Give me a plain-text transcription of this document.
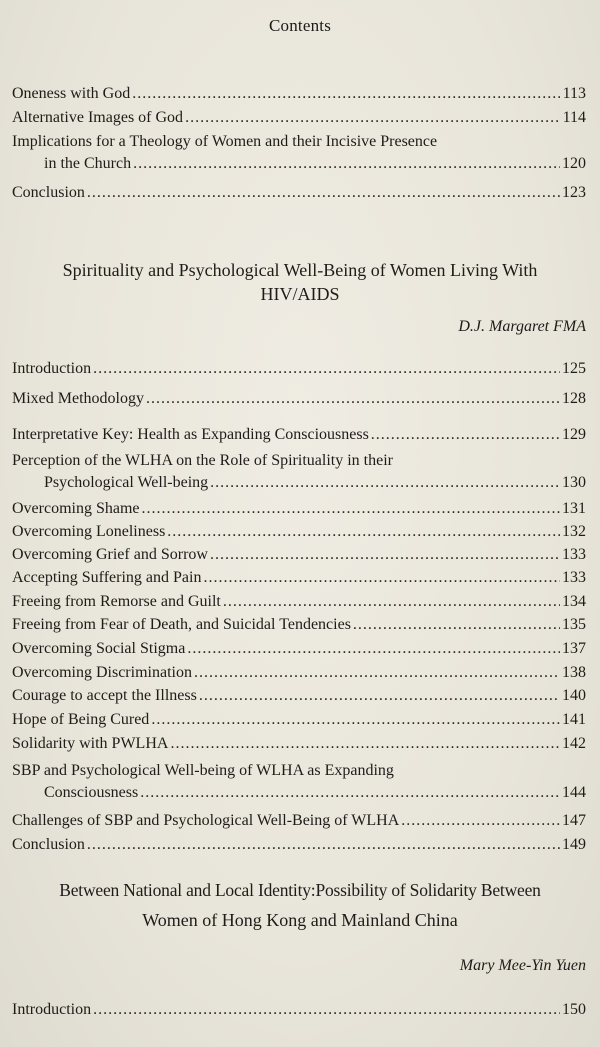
Contents
Oneness with God .....	113
Alternative Images of God .....	114
Implications for a Theology of Women and their Incisive Presence
in the Church .....	120
Conclusion .....	123
Spirituality and Psychological Well-Being of Women Living With
HIV/AIDS
D.J. Margaret FMA
Introduction .....	125
Mixed Methodology .....	128
Interpretative Key: Health as Expanding Consciousness .....	129
Perception of the WLHA on the Role of Spirituality in their
Psychological Well-being .....	130
Overcoming Shame .....	131
Overcoming Loneliness .....	132
Overcoming Grief and Sorrow .....	133
Accepting Suffering and Pain .....	133
Freeing from Remorse and Guilt .....	134
Freeing from Fear of Death, and Suicidal Tendencies .....	135
Overcoming Social Stigma .....	137
Overcoming Discrimination .....	138
Courage to accept the Illness .....	140
Hope of Being Cured .....	141
Solidarity with PWLHA .....	142
SBP and Psychological Well-being of WLHA as Expanding
Consciousness .....	144
Challenges of SBP and Psychological Well-Being of WLHA .....	147
Conclusion .....	149
Between National and Local Identity:Possibility of Solidarity Between
Women of Hong Kong and Mainland China
Mary Mee-Yin Yuen
Introduction .....	150
